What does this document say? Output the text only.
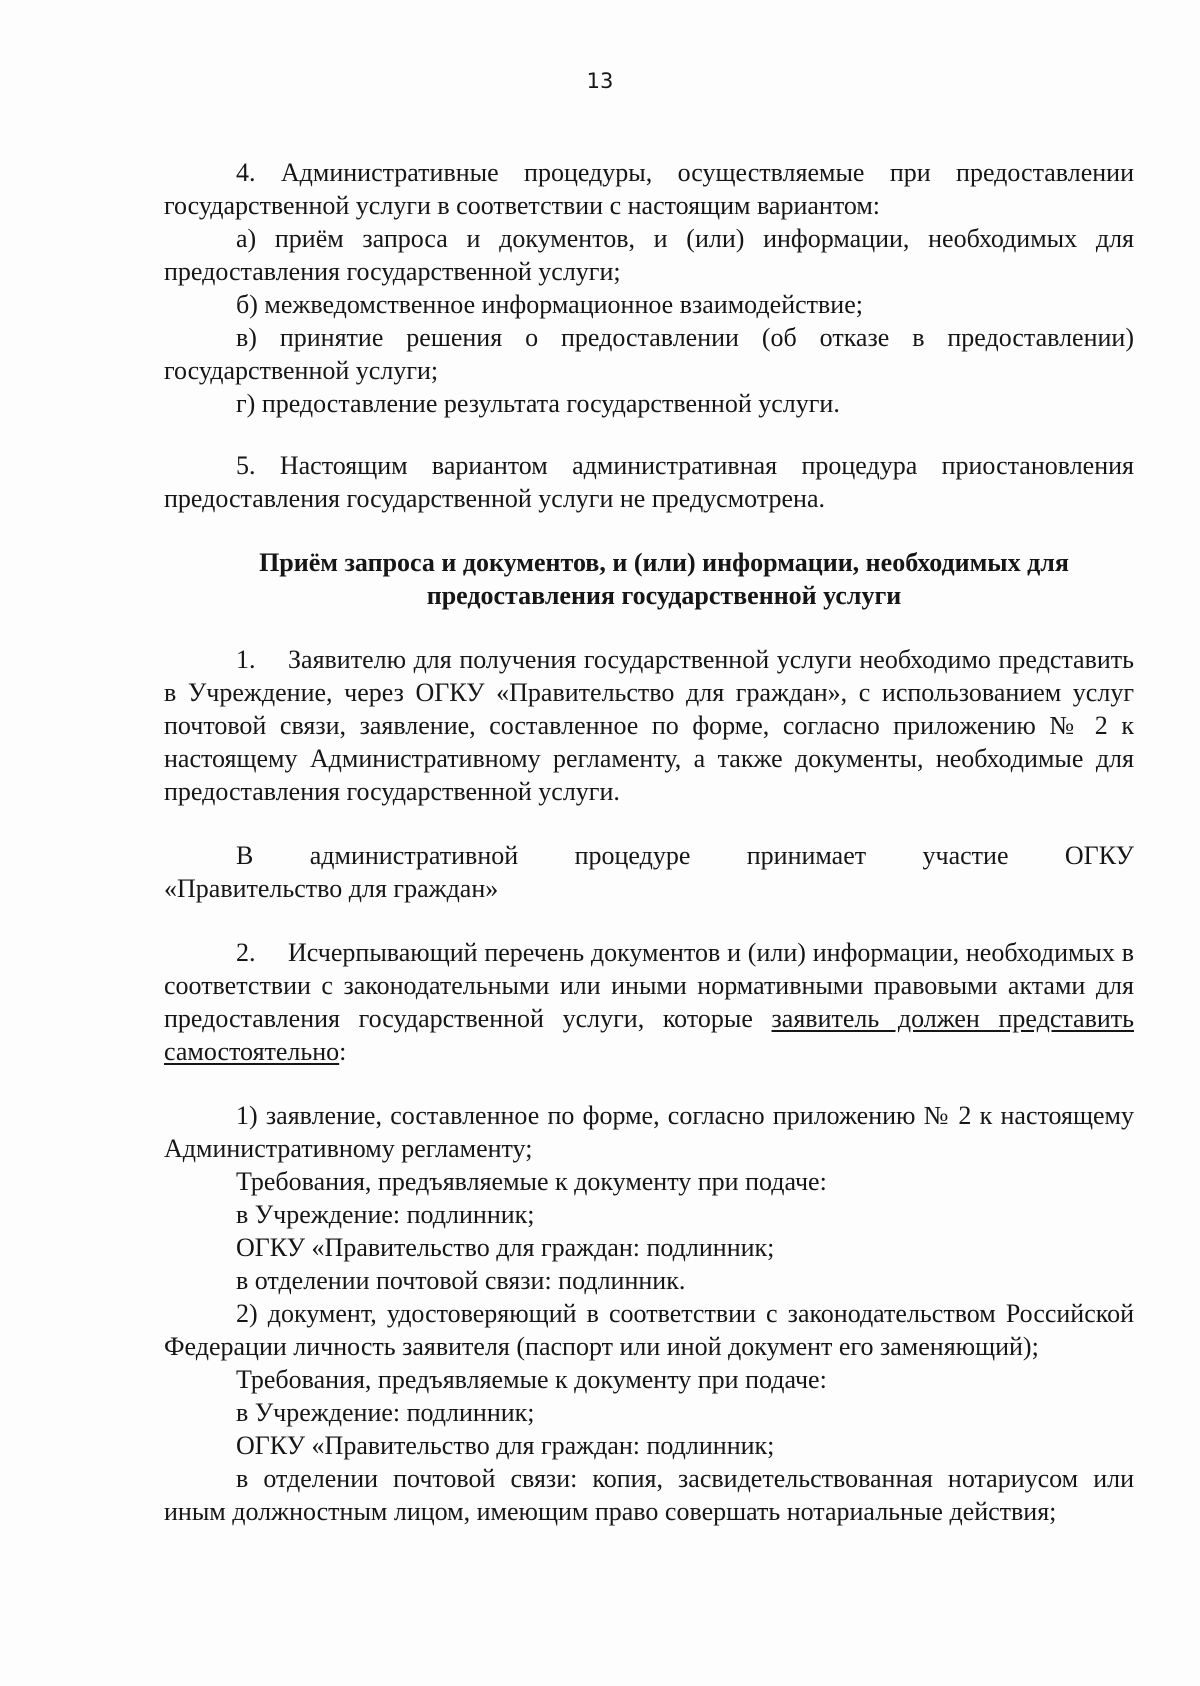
13

4. Административные процедуры, осуществляемые при предоставлении государственной услуги в соответствии с настоящим вариантом:

а) приём запроса и документов, и (или) информации, необходимых для предоставления государственной услуги;

б) межведомственное информационное взаимодействие;

в) принятие решения о предоставлении (об отказе в предоставлении) государственной услуги;

г) предоставление результата государственной услуги.

5. Настоящим вариантом административная процедура приостановления предоставления государственной услуги не предусмотрена.

Приём запроса и документов, и (или) информации, необходимых для предоставления государственной услуги

1. Заявителю для получения государственной услуги необходимо представить в Учреждение, через ОГКУ «Правительство для граждан», с использованием услуг почтовой связи, заявление, составленное по форме, согласно приложению № 2 к настоящему Административному регламенту, а также документы, необходимые для предоставления государственной услуги.

В административной процедуре принимает участие ОГКУ

«Правительство для граждан»

2. Исчерпывающий перечень документов и (или) информации, необходимых в соответствии с законодательными или иными нормативными правовыми актами для предоставления государственной услуги, которые заявитель должен представить самостоятельно:

1) заявление, составленное по форме, согласно приложению № 2 к настоящему Административному регламенту;

Требования, предъявляемые к документу при подаче:

в Учреждение: подлинник;

ОГКУ «Правительство для граждан: подлинник;

в отделении почтовой связи: подлинник.

2) документ, удостоверяющий в соответствии с законодательством Российской Федерации личность заявителя (паспорт или иной документ его заменяющий);

Требования, предъявляемые к документу при подаче:

в Учреждение: подлинник;

ОГКУ «Правительство для граждан: подлинник;

в отделении почтовой связи: копия, засвидетельствованная нотариусом или иным должностным лицом, имеющим право совершать нотариальные действия;
